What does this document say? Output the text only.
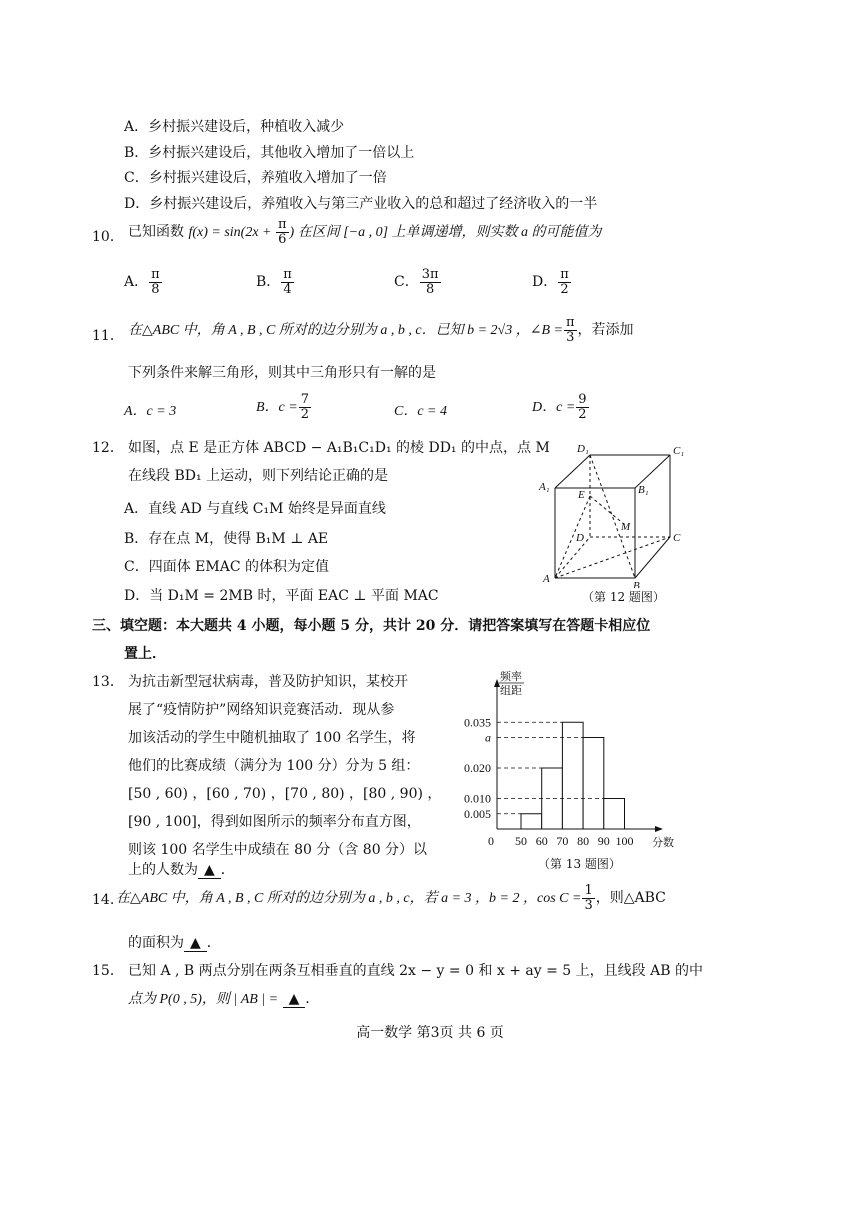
A．乡村振兴建设后，种植收入减少
B．乡村振兴建设后，其他收入增加了一倍以上
C．乡村振兴建设后，养殖收入增加了一倍
D．乡村振兴建设后，养殖收入与第三产业收入的总和超过了经济收入的一半
10． 已知函数 $f(x) = \sin(2x + \frac{\pi}{6}$ ) 在区间 [−a , 0] 上单调递增，则实数 a 的可能值为
A． $\frac{\pi}{8}$	B． $\frac{\pi}{4}$	C． $\frac{3\pi}{8}$	D． $\frac{\pi}{2}$
11． 在△ABC 中，角 A , B , C 所对的边分别为 a , b , c．已知 b = 2√3 ，∠B = $\frac{\pi}{3}$ ，若添加
下列条件来解三角形，则其中三角形只有一解的是
A．c = 3	B．$c = \frac{7}{2}$	C．c = 4	D．$c = \frac{9}{2}$
12． 如图，点 E 是正方体 ABCD − A₁B₁C₁D₁ 的棱 DD₁ 的中点，点 M
在线段 BD₁ 上运动，则下列结论正确的是
A．直线 AD 与直线 C₁M 始终是异面直线
B．存在点 M，使得 B₁M ⊥ AE
C．四面体 EMAC 的体积为定值
D．当 D₁M = 2MB 时，平面 EAC ⊥ 平面 MAC
D₁	C₁
A₁	B₁
E
M
D	C
A
B
（第 12 题图）
三、填空题：本大题共 4 小题，每小题 5 分，共计 20 分．请把答案填写在答题卡相应位
置上．
13． 为抗击新型冠状病毒，普及防护知识，某校开
展了“疫情防护”网络知识竞赛活动．现从参
加该活动的学生中随机抽取了 100 名学生，将
他们的比赛成绩（满分为 100 分）分为 5 组：
[50 , 60) ，[60 , 70) ，[70 , 80) ，[80 , 90) ，
[90 , 100]，得到如图所示的频率分布直方图，
则该 100 名学生中成绩在 80 分（含 80 分）以
上的人数为 ▲ ．
0.035
a
0.020
0.010
0.005
0 50 60 70 80 90 100
频率
组距
分数
（第 13 题图）
14. 在△ABC 中，角 A , B , C 所对的边分别为 a , b , c，若 a = 3 ，b = 2 ，$\cos C = \frac{1}{3}$ ，则△ABC
的面积为 ▲ ．
15． 已知 A , B 两点分别在两条互相垂直的直线 2x − y = 0 和 x + ay = 5 上，且线段 AB 的中
点为 P(0 , 5)，则 | AB | = ▲ ．
高一数学 第3页 共 6 页
